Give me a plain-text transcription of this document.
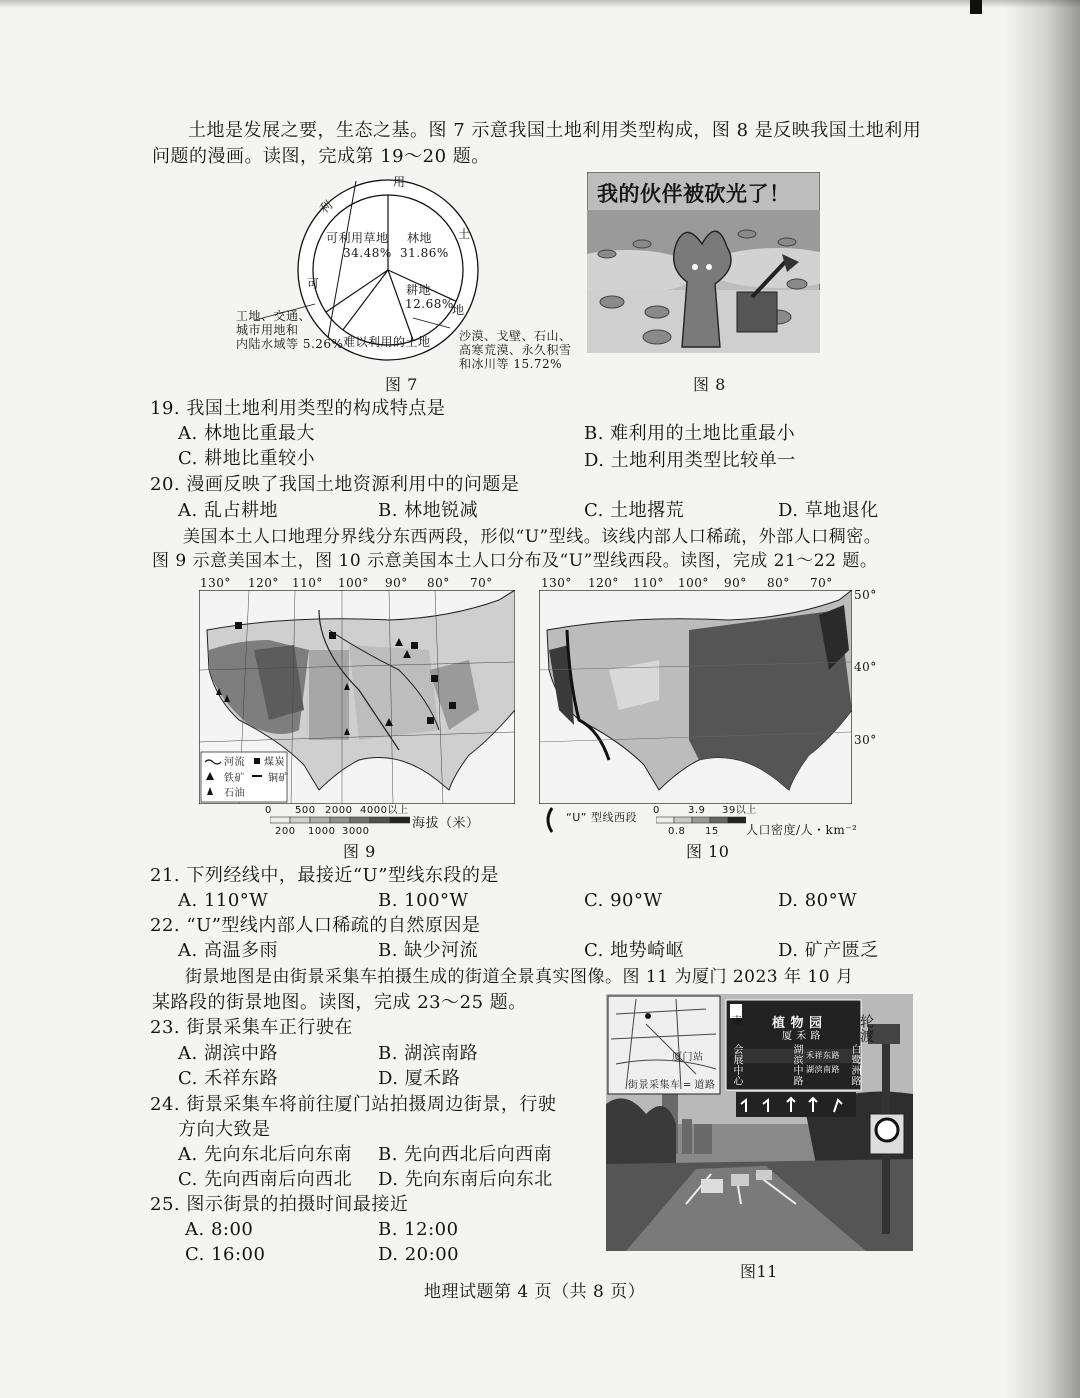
土地是发展之要，生态之基。图 7 示意我国土地利用类型构成，图 8 是反映我国土地利用
问题的漫画。读图，完成第 19～20 题。
可利用草地
34.48%
林地
31.86%
耕地
12.68%
用
利
可
土
地
难以利用的土地
工地、交通、
城市用地和
内陆水域等 5.26%
沙漠、戈壁、石山、
高寒荒漠、永久积雪
和冰川等 15.72%
图 7
我的伙伴被砍光了！
图 8
19. 我国土地利用类型的构成特点是
A. 林地比重最大	B. 难利用的土地比重最小
C. 耕地比重较小	D. 土地利用类型比较单一
20. 漫画反映了我国土地资源利用中的问题是
A. 乱占耕地	B. 林地锐减	C. 土地撂荒	D. 草地退化
美国本土人口地理分界线分东西两段，形似“U”型线。该线内部人口稀疏，外部人口稠密。
图 9 示意美国本土，图 10 示意美国本土人口分布及“U”型线西段。读图，完成 21～22 题。
130° 120° 110° 100° 90° 80° 70°
河流 煤炭
铁矿 铜矿
石油
0 500 2000 4000以上
200 1000 3000
海拔（米）
图 9
130° 120° 110° 100° 90° 80° 70°
50°
40°
30°
“U” 型线西段
0	3.9 39以上
0.8 15 人口密度/人・km⁻²
图 10
21. 下列经线中，最接近“U”型线东段的是
A. 110°W	B. 100°W	C. 90°W	D. 80°W
22. “U”型线内部人口稀疏的自然原因是
A. 高温多雨	B. 缺少河流	C. 地势崎岖	D. 矿产匮乏
街景地图是由街景采集车拍摄生成的街道全景真实图像。图 11 为厦门 2023 年 10 月
某路段的街景地图。读图，完成 23～25 题。
23. 街景采集车正行驶在
A. 湖滨中路	B. 湖滨南路
C. 禾祥东路	D. 厦禾路
24. 街景采集车将前往厦门站拍摄周边街景，行驶
方向大致是
A. 先向东北后向东南 B. 先向西北后向西南
C. 先向西南后向西北 D. 先向东南后向东北
25. 图示街景的拍摄时间最接近
A. 8:00	B. 12:00
C. 16:00	D. 20:00
厦门站
街景采集车 ═ 道路
南 植 物 园
厦 禾 路
会展中心	湖滨中路 禾祥东路
湖滨南路 白鹭洲路
轮渡
图11
地理试题第 4 页（共 8 页）
